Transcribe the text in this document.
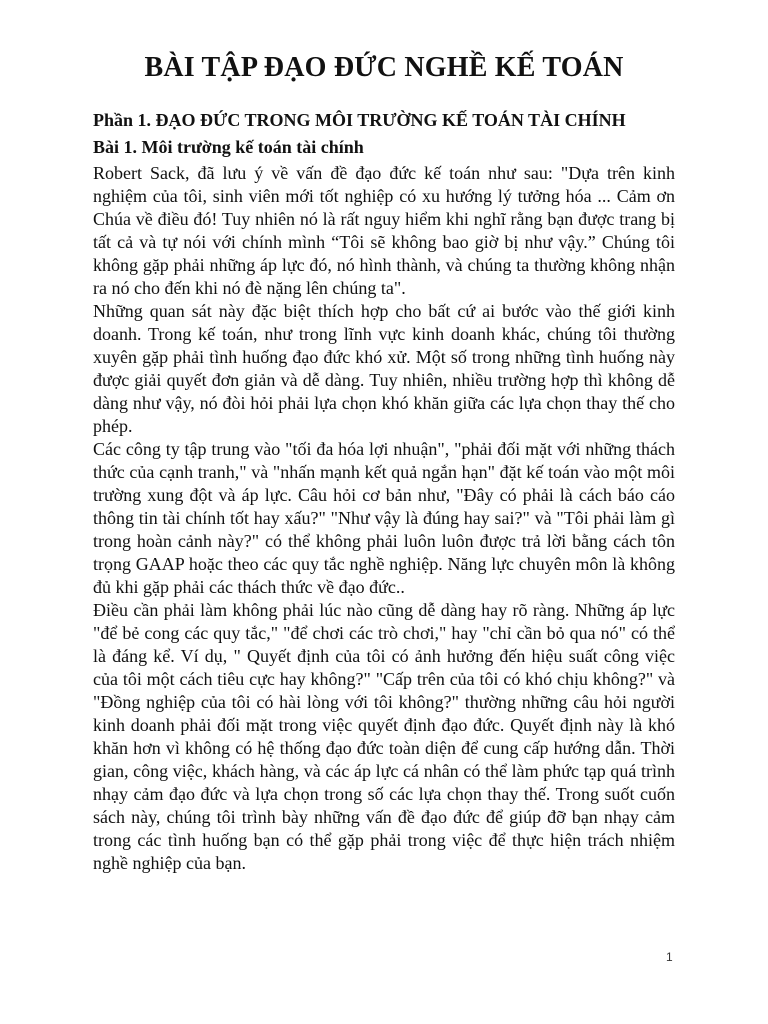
BÀI TẬP ĐẠO ĐỨC NGHỀ KẾ TOÁN
Phần 1. ĐẠO ĐỨC TRONG MÔI TRƯỜNG KẾ TOÁN TÀI CHÍNH
Bài 1. Môi trường kế toán tài chính

Robert Sack, đã lưu ý về vấn đề đạo đức kế toán như sau: "Dựa trên kinh nghiệm của tôi, sinh viên mới tốt nghiệp có xu hướng lý tưởng hóa ... Cảm ơn Chúa về điều đó! Tuy nhiên nó là rất nguy hiểm khi nghĩ rằng bạn được trang bị tất cả và tự nói với chính mình “Tôi sẽ không bao giờ bị như vậy.” Chúng tôi không gặp phải những áp lực đó, nó hình thành, và chúng ta thường không nhận ra nó cho đến khi nó đè nặng lên chúng ta".

Những quan sát này đặc biệt thích hợp cho bất cứ ai bước vào thế giới kinh doanh. Trong kế toán, như trong lĩnh vực kinh doanh khác, chúng tôi thường xuyên gặp phải tình huống đạo đức khó xử. Một số trong những tình huống này được giải quyết đơn giản và dễ dàng. Tuy nhiên, nhiều trường hợp thì không dễ dàng như vậy, nó đòi hỏi phải lựa chọn khó khăn giữa các lựa chọn thay thế cho phép.

Các công ty tập trung vào "tối đa hóa lợi nhuận", "phải đối mặt với những thách thức của cạnh tranh," và "nhấn mạnh kết quả ngắn hạn" đặt kế toán vào một môi trường xung đột và áp lực. Câu hỏi cơ bản như, "Đây có phải là cách báo cáo thông tin tài chính tốt hay xấu?" "Như vậy là đúng hay sai?" và "Tôi phải làm gì trong hoàn cảnh này?" có thể không phải luôn luôn được trả lời bằng cách tôn trọng GAAP hoặc theo các quy tắc nghề nghiệp. Năng lực chuyên môn là không đủ khi gặp phải các thách thức về đạo đức..

Điều cần phải làm không phải lúc nào cũng dễ dàng hay rõ ràng. Những áp lực "để bẻ cong các quy tắc," "để chơi các trò chơi," hay "chỉ cần bỏ qua nó" có thể là đáng kể. Ví dụ, " Quyết định của tôi có ảnh hưởng đến hiệu suất công việc của tôi một cách tiêu cực hay không?" "Cấp trên của tôi có khó chịu không?" và "Đồng nghiệp của tôi có hài lòng với tôi không?" thường những câu hỏi người kinh doanh phải đối mặt trong việc quyết định đạo đức. Quyết định này là khó khăn hơn vì không có hệ thống đạo đức toàn diện để cung cấp hướng dẫn. Thời gian, công việc, khách hàng, và các áp lực cá nhân có thể làm phức tạp quá trình nhạy cảm đạo đức và lựa chọn trong số các lựa chọn thay thế. Trong suốt cuốn sách này, chúng tôi trình bày những vấn đề đạo đức để giúp đỡ bạn nhạy cảm trong các tình huống bạn có thể gặp phải trong việc để thực hiện trách nhiệm nghề nghiệp của bạn.

1
